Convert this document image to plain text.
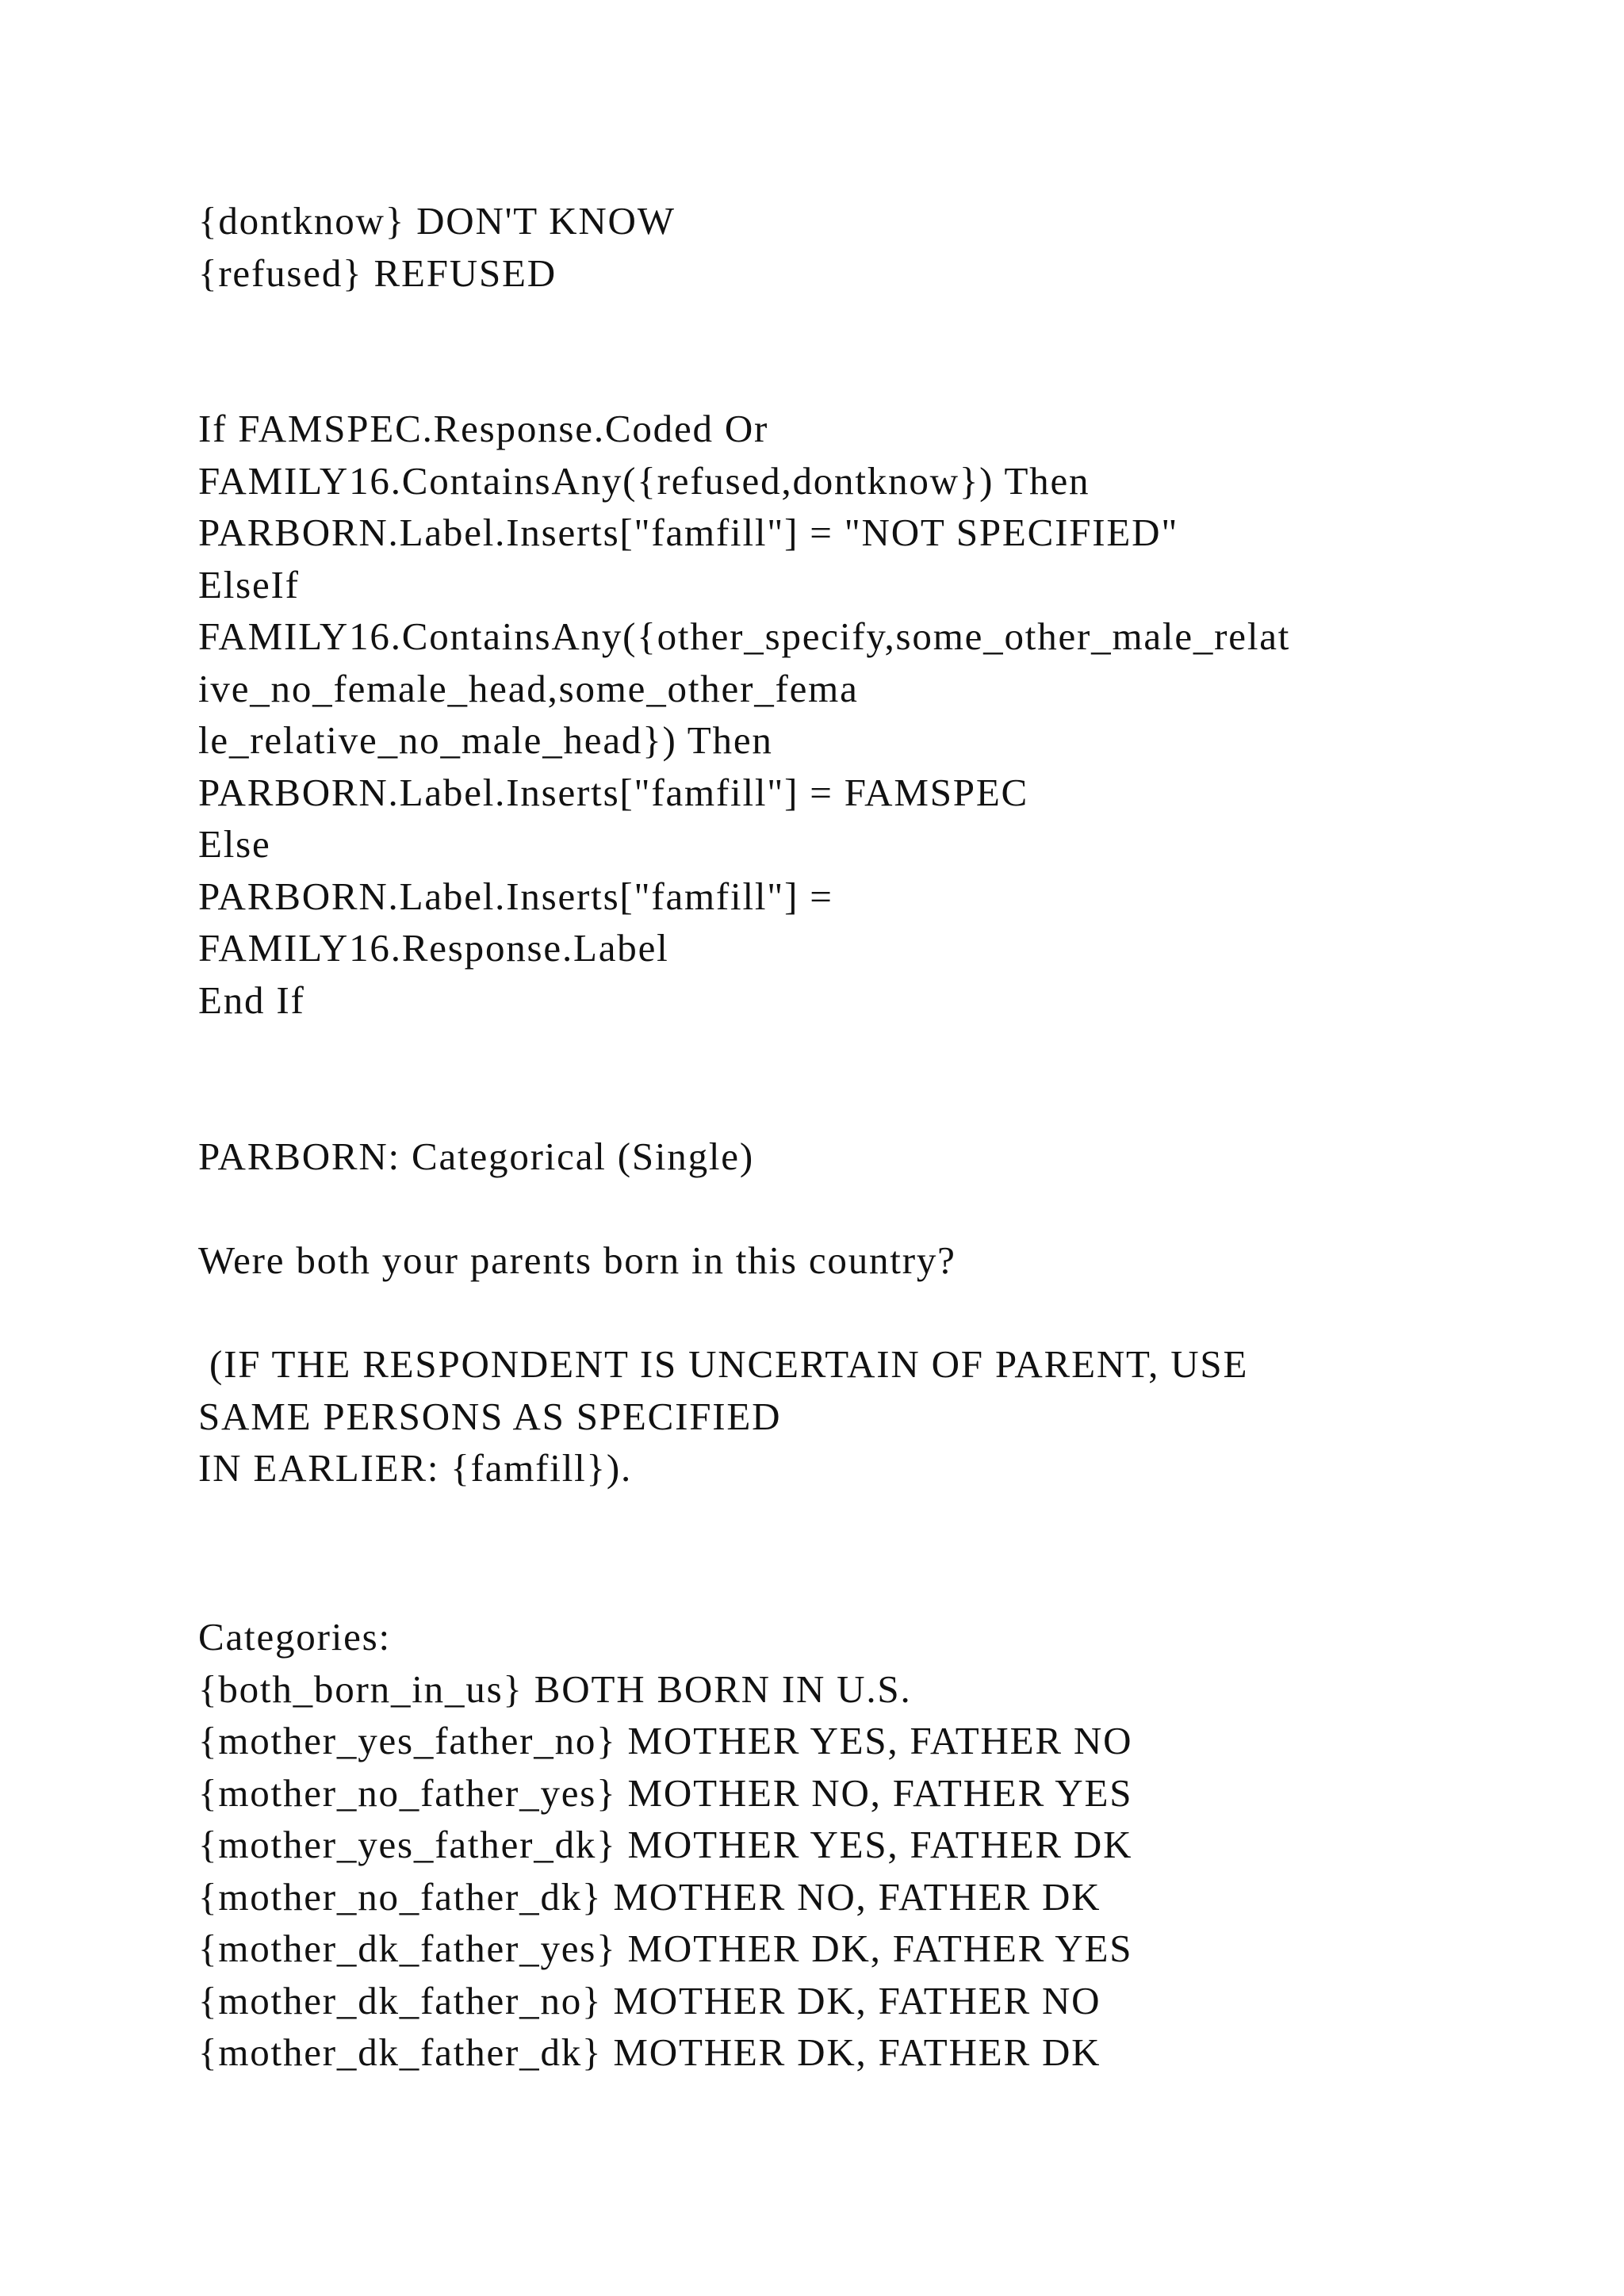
{dontknow} DON'T KNOW
{refused} REFUSED
If FAMSPEC.Response.Coded Or
FAMILY16.ContainsAny({refused,dontknow}) Then
PARBORN.Label.Inserts["famfill"] = "NOT SPECIFIED"
ElseIf
FAMILY16.ContainsAny({other_specify,some_other_male_relat
ive_no_female_head,some_other_fema
le_relative_no_male_head}) Then
PARBORN.Label.Inserts["famfill"] = FAMSPEC
Else
PARBORN.Label.Inserts["famfill"] =
FAMILY16.Response.Label
End If
PARBORN: Categorical (Single)
Were both your parents born in this country?
(IF THE RESPONDENT IS UNCERTAIN OF PARENT, USE
SAME PERSONS AS SPECIFIED
IN EARLIER: {famfill}).
Categories:
{both_born_in_us} BOTH BORN IN U.S.
{mother_yes_father_no} MOTHER YES, FATHER NO
{mother_no_father_yes} MOTHER NO, FATHER YES
{mother_yes_father_dk} MOTHER YES, FATHER DK
{mother_no_father_dk} MOTHER NO, FATHER DK
{mother_dk_father_yes} MOTHER DK, FATHER YES
{mother_dk_father_no} MOTHER DK, FATHER NO
{mother_dk_father_dk} MOTHER DK, FATHER DK
